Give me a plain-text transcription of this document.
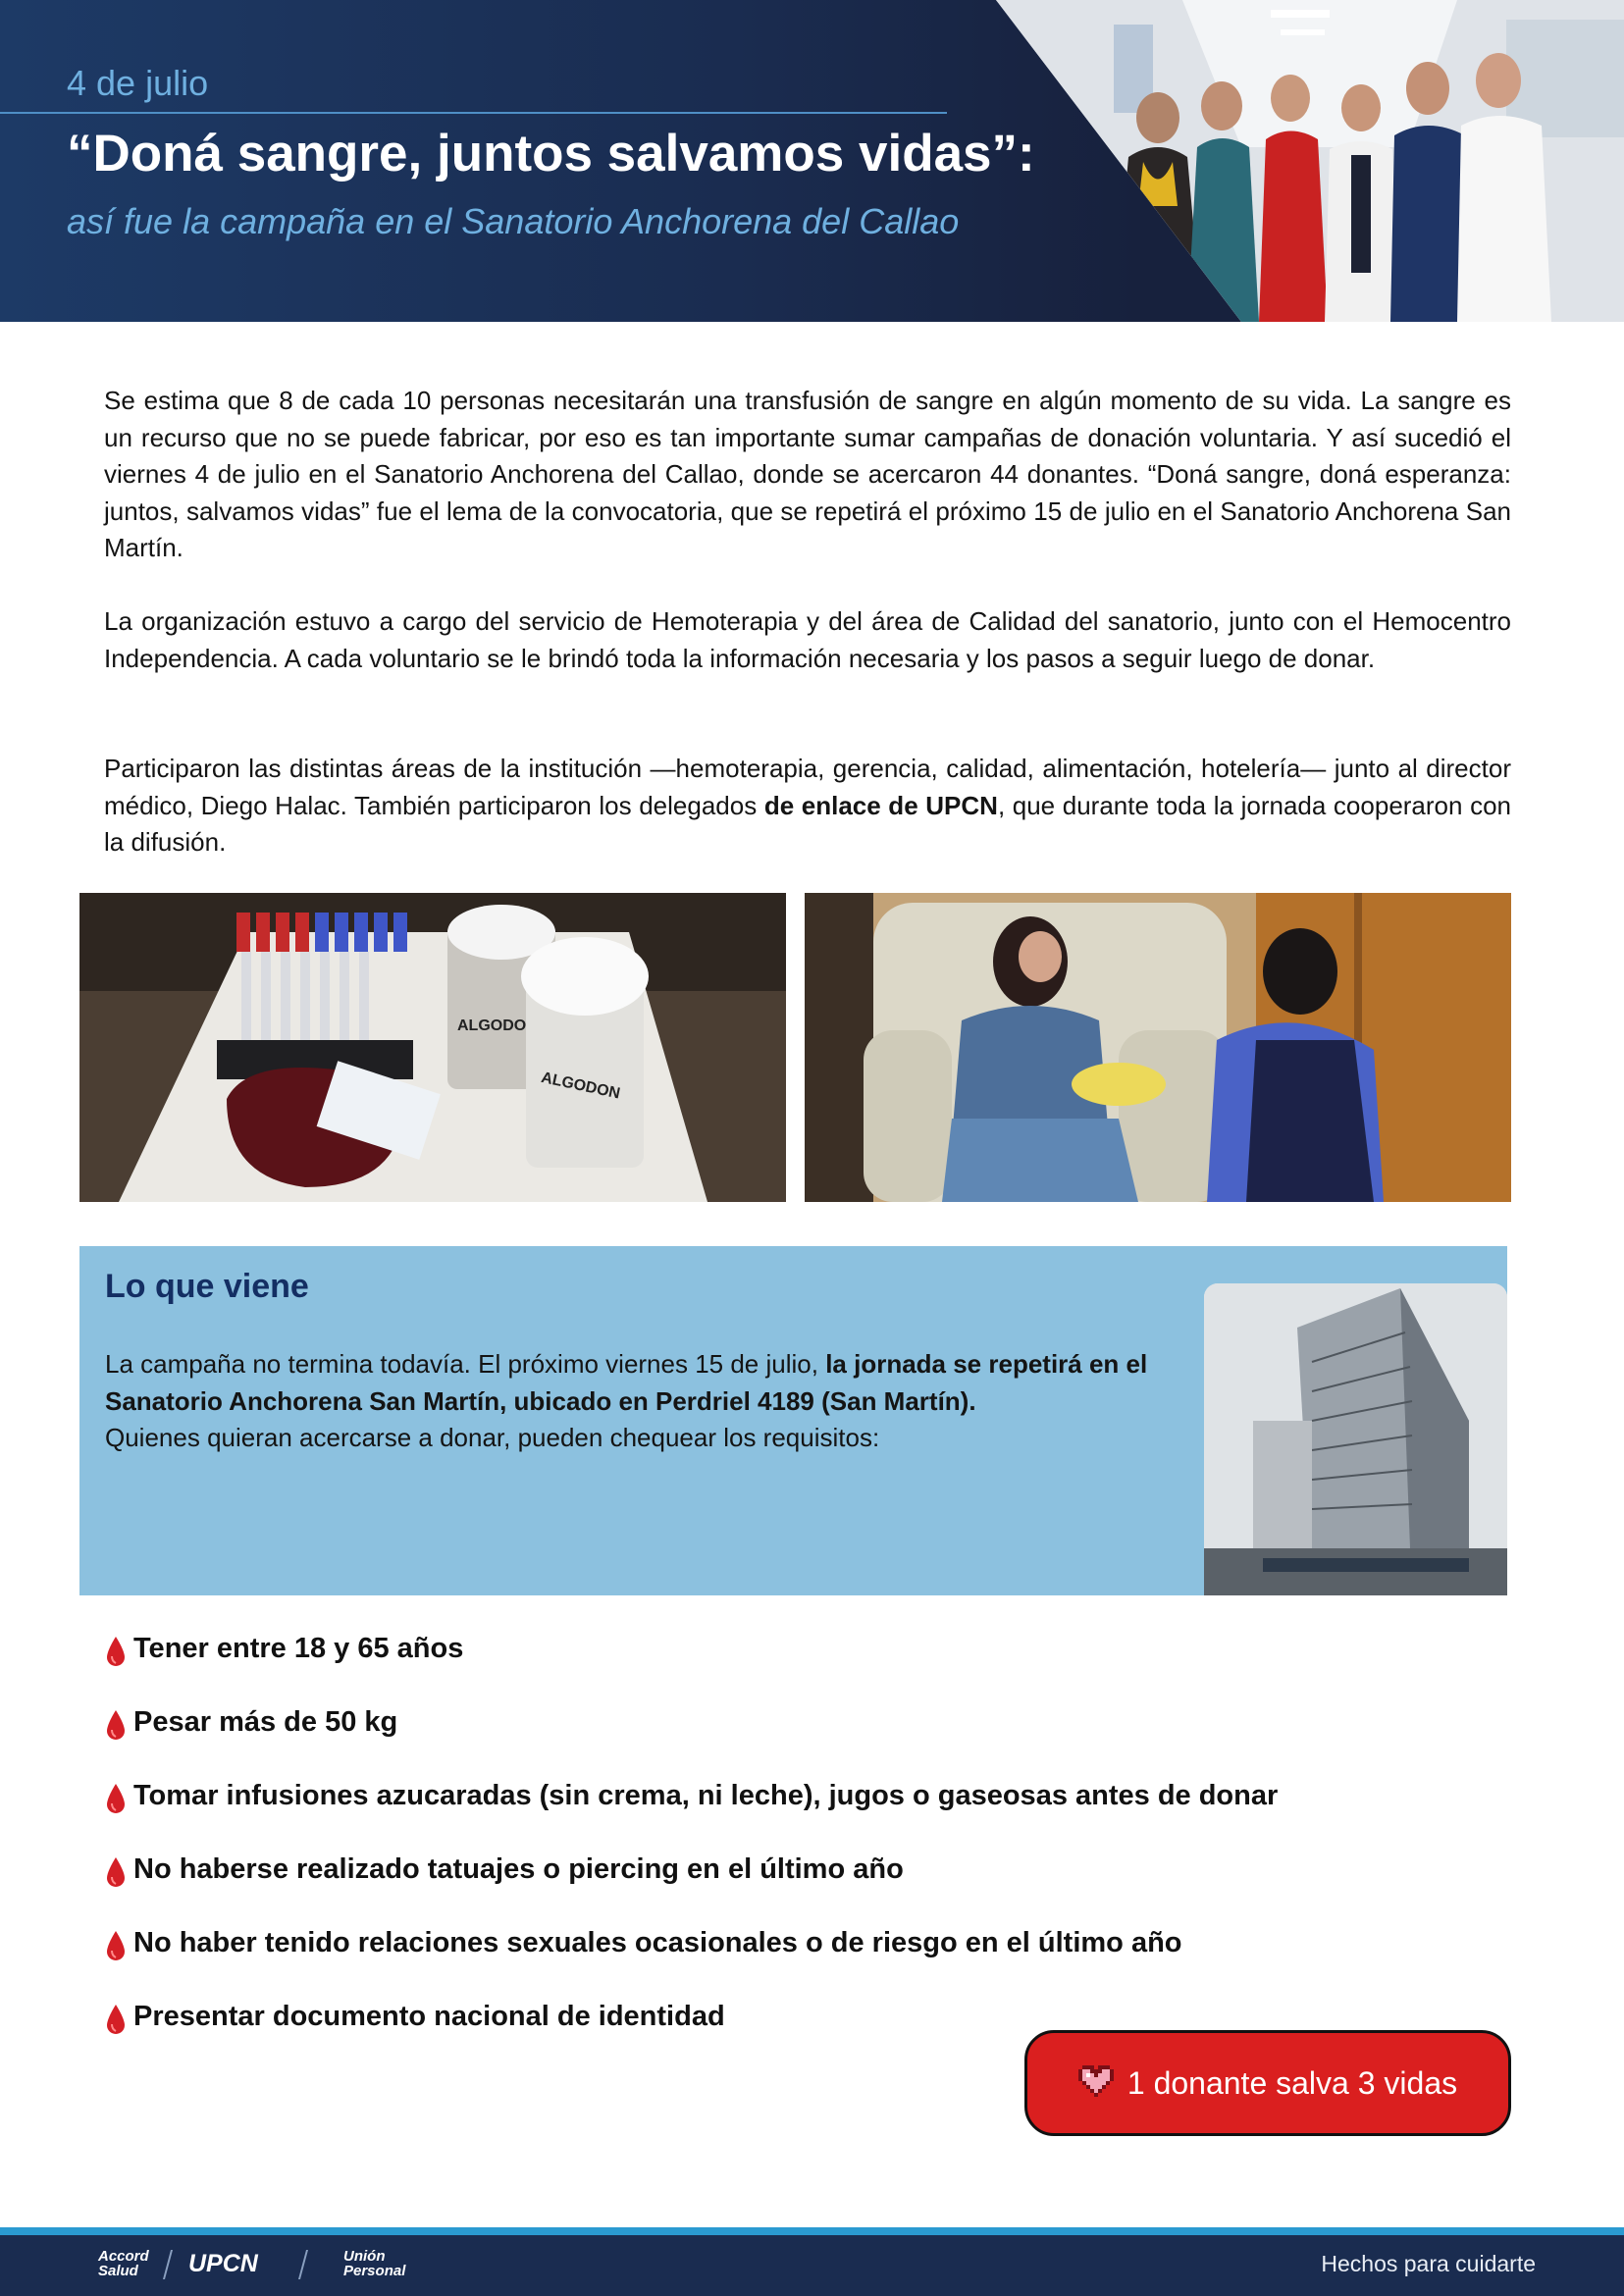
4 de julio
“Doná sangre, juntos salvamos vidas”:
así fue la campaña en el Sanatorio Anchorena del Callao

Se estima que 8 de cada 10 personas necesitarán una transfusión de sangre en algún momento de su vida. La sangre es un recurso que no se puede fabricar, por eso es tan importante sumar campañas de donación voluntaria. Y así sucedió el viernes 4 de julio en el Sanatorio Anchorena del Callao, donde se acercaron 44 donantes. “Doná sangre, doná esperanza: juntos, salvamos vidas” fue el lema de la convocatoria, que se repetirá el próximo 15 de julio en el Sanatorio Anchorena San Martín.

La organización estuvo a cargo del servicio de Hemoterapia y del área de Calidad del sanatorio, junto con el Hemocentro Independencia. A cada voluntario se le brindó toda la información necesaria y los pasos a seguir luego de donar.

Participaron las distintas áreas de la institución —hemoterapia, gerencia, calidad, alimentación, hotelería— junto al director médico, Diego Halac. También participaron los delegados de enlace de UPCN, que durante toda la jornada cooperaron con la difusión.

ALGODO
ALGODON
Lo que viene

La campaña no termina todavía. El próximo viernes 15 de julio, la jornada se repetirá en el Sanatorio Anchorena San Martín, ubicado en Perdriel 4189 (San Martín).
Quienes quieran acercarse a donar, pueden chequear los requisitos:

Tener entre 18 y 65 años
Pesar más de 50 kg
Tomar infusiones azucaradas (sin crema, ni leche), jugos o gaseosas antes de donar
No haberse realizado tatuajes o piercing en el último año
No haber tenido relaciones sexuales ocasionales o de riesgo en el último año
Presentar documento nacional de identidad
1 donante salva 3 vidas
Accord
Salud	UPCN	Unión
Personal	Hechos para cuidarte
